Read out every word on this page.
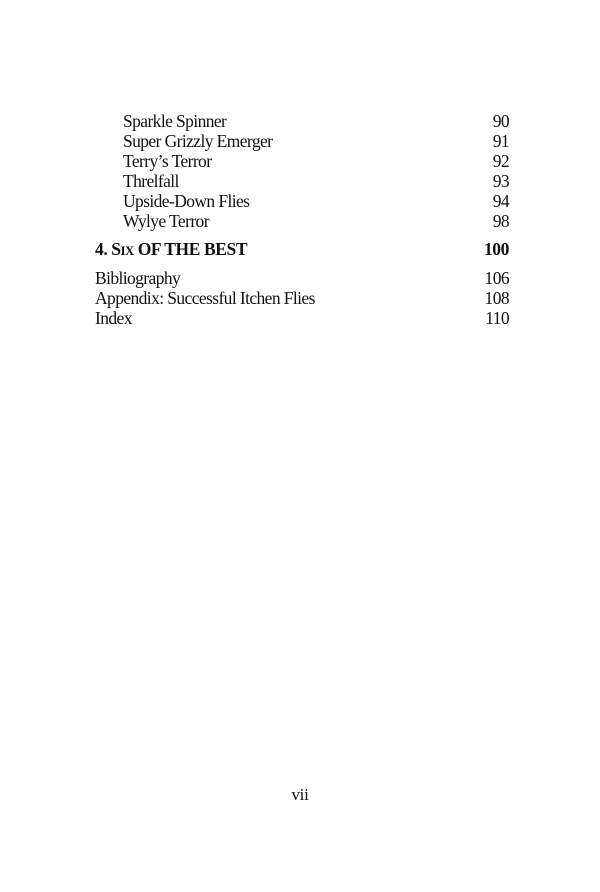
Sparkle Spinner	90
Super Grizzly Emerger	91
Terry’s Terror	92
Threlfall	93
Upside-Down Flies	94
Wylye Terror	98
4. SIX OF THE BEST	100
Bibliography	106
Appendix: Successful Itchen Flies	108
Index	110
vii
